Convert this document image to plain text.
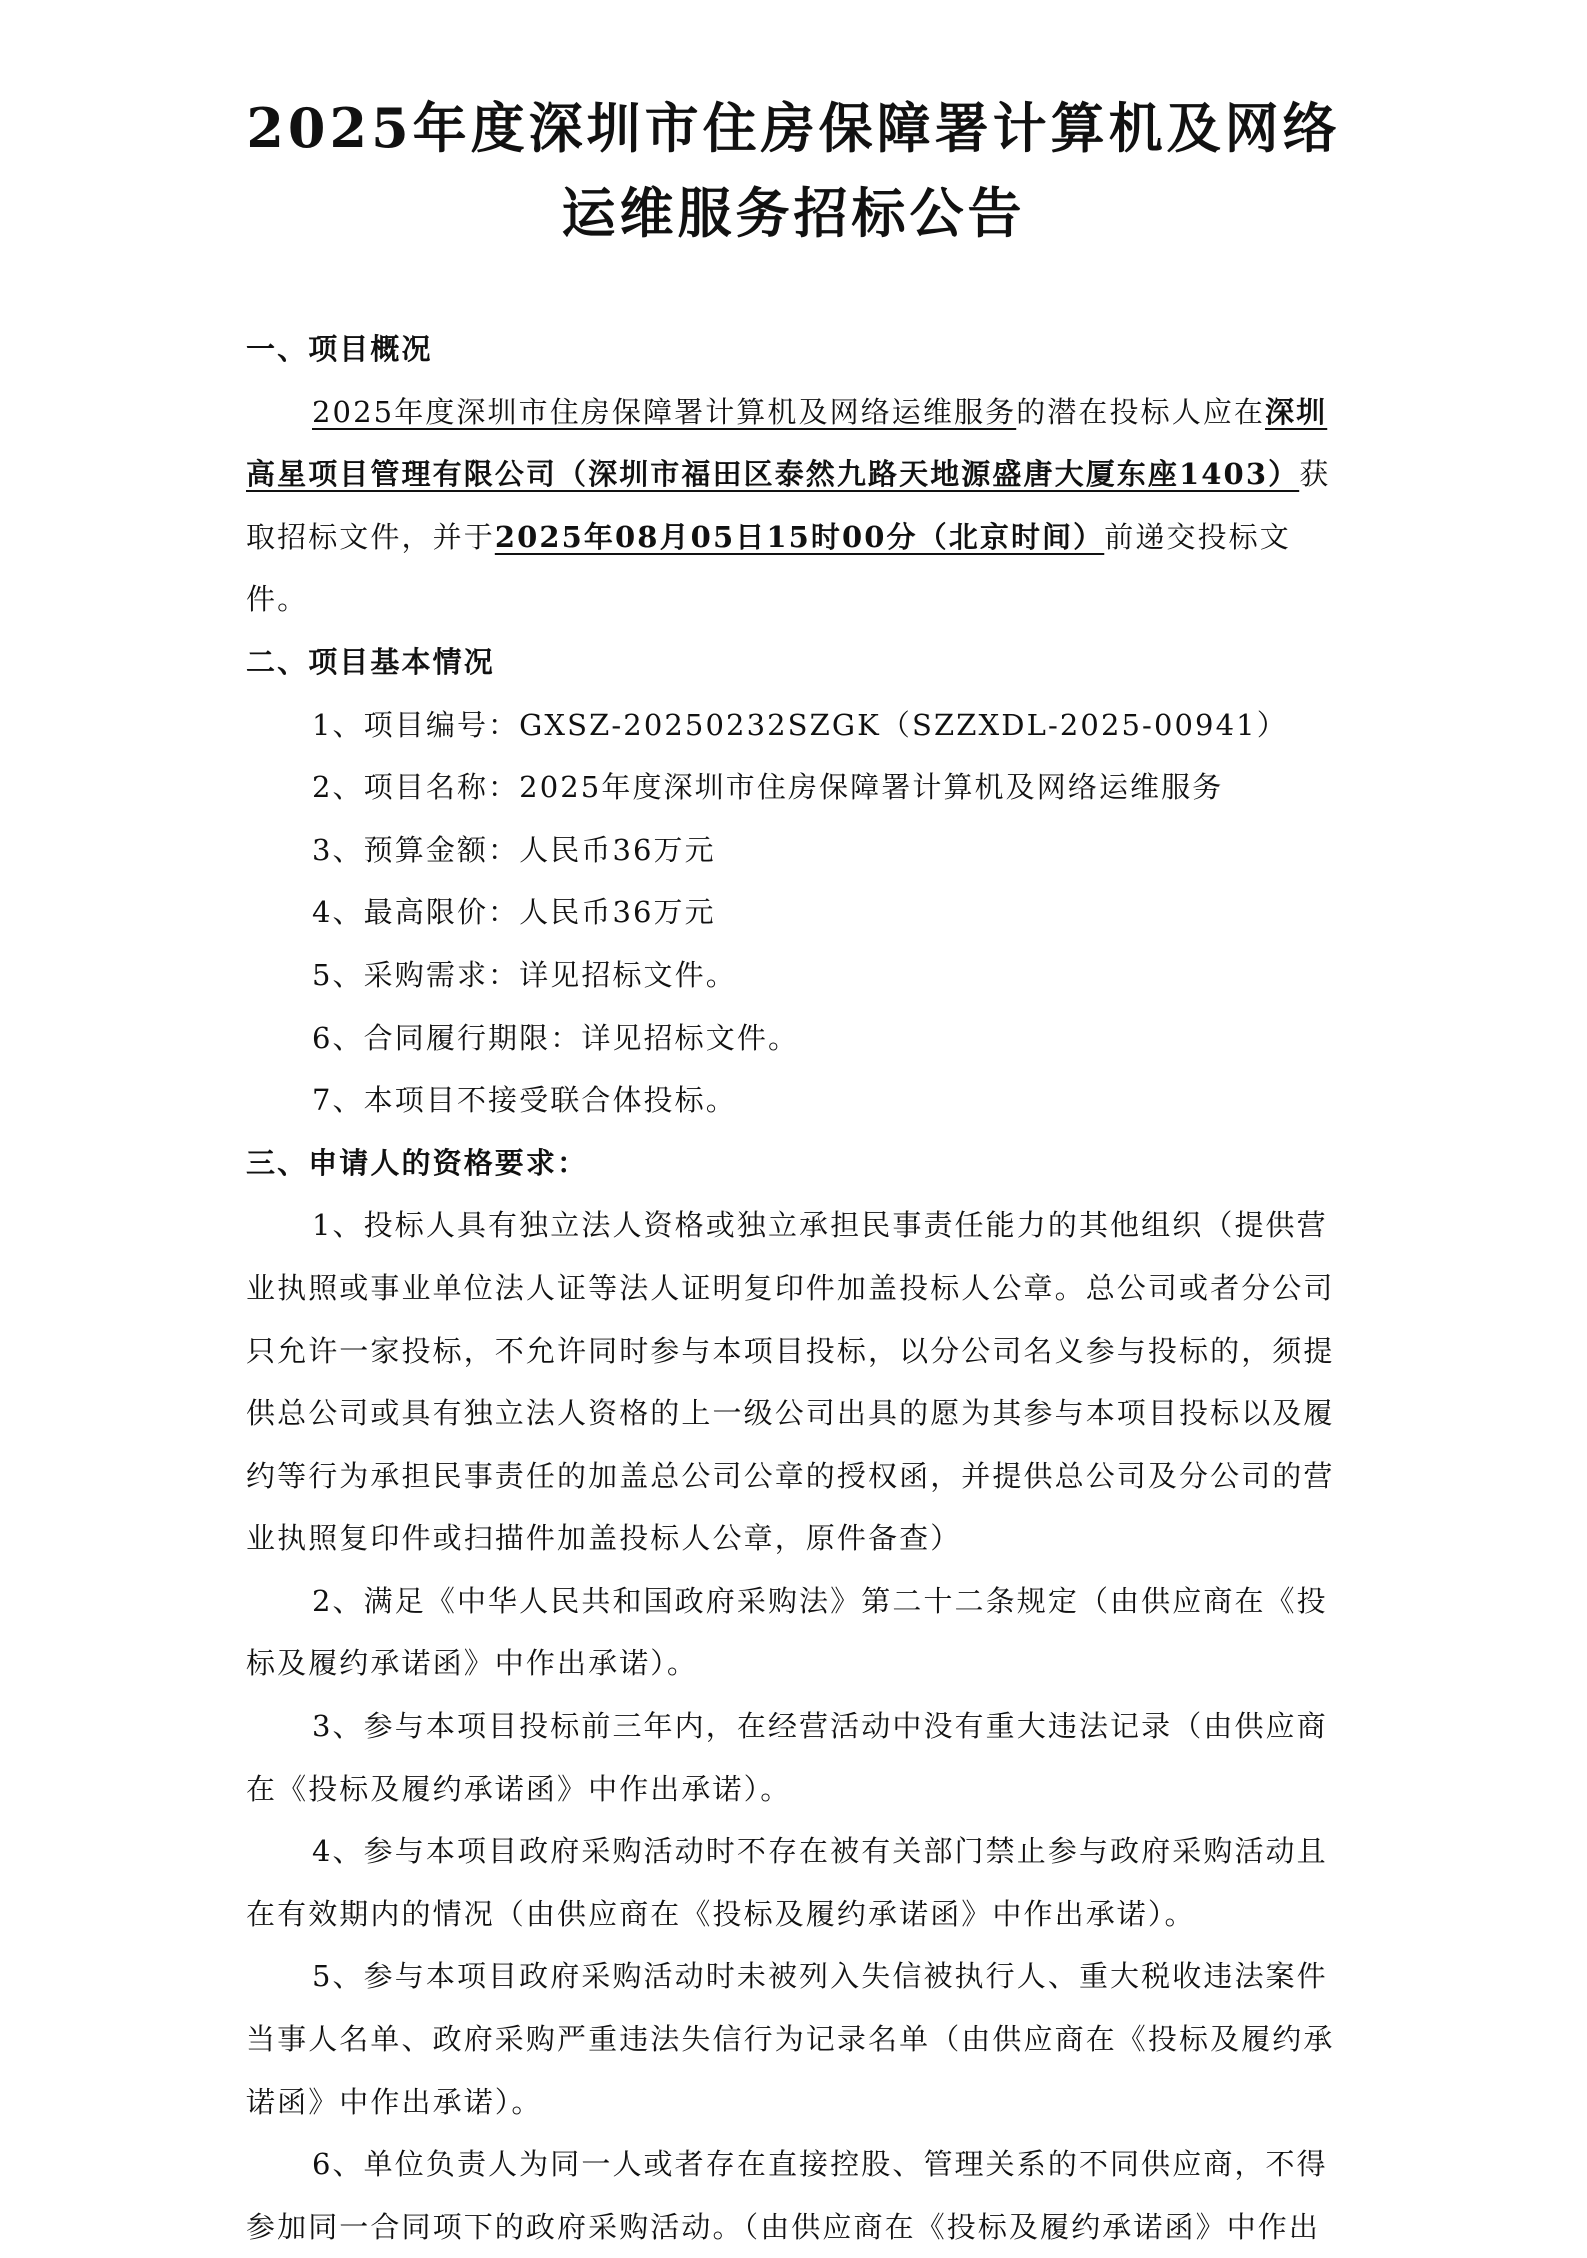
2025年度深圳市住房保障署计算机及网络
运维服务招标公告

一、项目概况

2025年度深圳市住房保障署计算机及网络运维服务的潜在投标人应在深圳高星项目管理有限公司（深圳市福田区泰然九路天地源盛唐大厦东座1403）获取招标文件，并于2025年08月05日15时00分（北京时间）前递交投标文件。

二、项目基本情况

1、项目编号：GXSZ-20250232SZGK（SZZXDL-2025-00941）

2、项目名称：2025年度深圳市住房保障署计算机及网络运维服务

3、预算金额：人民币36万元

4、最高限价：人民币36万元

5、采购需求：详见招标文件。

6、合同履行期限：详见招标文件。

7、本项目不接受联合体投标。

三、申请人的资格要求：

1、投标人具有独立法人资格或独立承担民事责任能力的其他组织（提供营业执照或事业单位法人证等法人证明复印件加盖投标人公章。总公司或者分公司只允许一家投标，不允许同时参与本项目投标，以分公司名义参与投标的，须提供总公司或具有独立法人资格的上一级公司出具的愿为其参与本项目投标以及履约等行为承担民事责任的加盖总公司公章的授权函，并提供总公司及分公司的营业执照复印件或扫描件加盖投标人公章，原件备查）

2、满足《中华人民共和国政府采购法》第二十二条规定（由供应商在《投标及履约承诺函》中作出承诺）。

3、参与本项目投标前三年内，在经营活动中没有重大违法记录（由供应商在《投标及履约承诺函》中作出承诺）。

4、参与本项目政府采购活动时不存在被有关部门禁止参与政府采购活动且在有效期内的情况（由供应商在《投标及履约承诺函》中作出承诺）。

5、参与本项目政府采购活动时未被列入失信被执行人、重大税收违法案件当事人名单、政府采购严重违法失信行为记录名单（由供应商在《投标及履约承诺函》中作出承诺）。

6、单位负责人为同一人或者存在直接控股、管理关系的不同供应商，不得参加同一合同项下的政府采购活动。（由供应商在《投标及履约承诺函》中作出
